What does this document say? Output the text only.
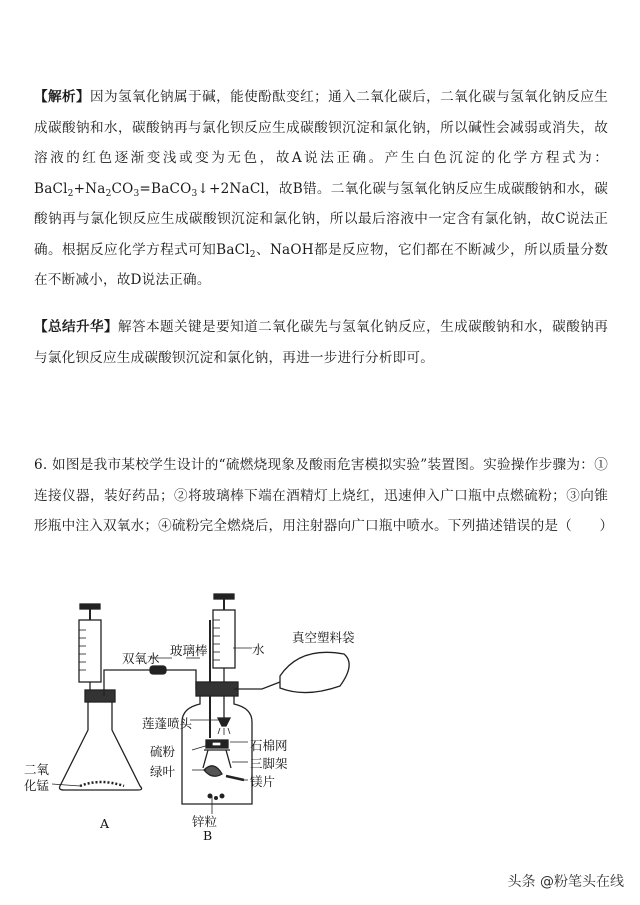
【解析】因为氢氧化钠属于碱，能使酚酞变红；通入二氧化碳后，二氧化碳与氢氧化钠反应生成碳酸钠和水，碳酸钠再与氯化钡反应生成碳酸钡沉淀和氯化钠，所以碱性会减弱或消失，故溶液的红色逐渐变浅或变为无色，故A说法正确。产生白色沉淀的化学方程式为：$BaCl_2+Na_2CO_3=BaCO_3↓+2NaCl$，故B错。二氧化碳与氢氧化钠反应生成碳酸钠和水，碳酸钠再与氯化钡反应生成碳酸钡沉淀和氯化钠，所以最后溶液中一定含有氯化钠，故C说法正确。根据反应化学方程式可知BaCl$_2$、NaOH都是反应物，它们都在不断减少，所以质量分数在不断减小，故D说法正确。
【总结升华】解答本题关键是要知道二氧化碳先与氢氧化钠反应，生成碳酸钠和水，碳酸钠再与氯化钡反应生成碳酸钡沉淀和氯化钠，再进一步进行分析即可。
6. 如图是我市某校学生设计的“硫燃烧现象及酸雨危害模拟实验”装置图。实验操作步骤为：①连接仪器，装好药品；②将玻璃棒下端在酒精灯上烧红，迅速伸入广口瓶中点燃硫粉；③向锥形瓶中注入双氧水；④硫粉完全燃烧后，用注射器向广口瓶中喷水。下列描述错误的是（　　）
双氧水
玻璃棒	水
真空塑料袋
莲蓬喷头
石棉网
硫粉
三脚架
绿叶
镁片
二氧
化锰
锌粒
A
B
头条 @粉笔头在线
